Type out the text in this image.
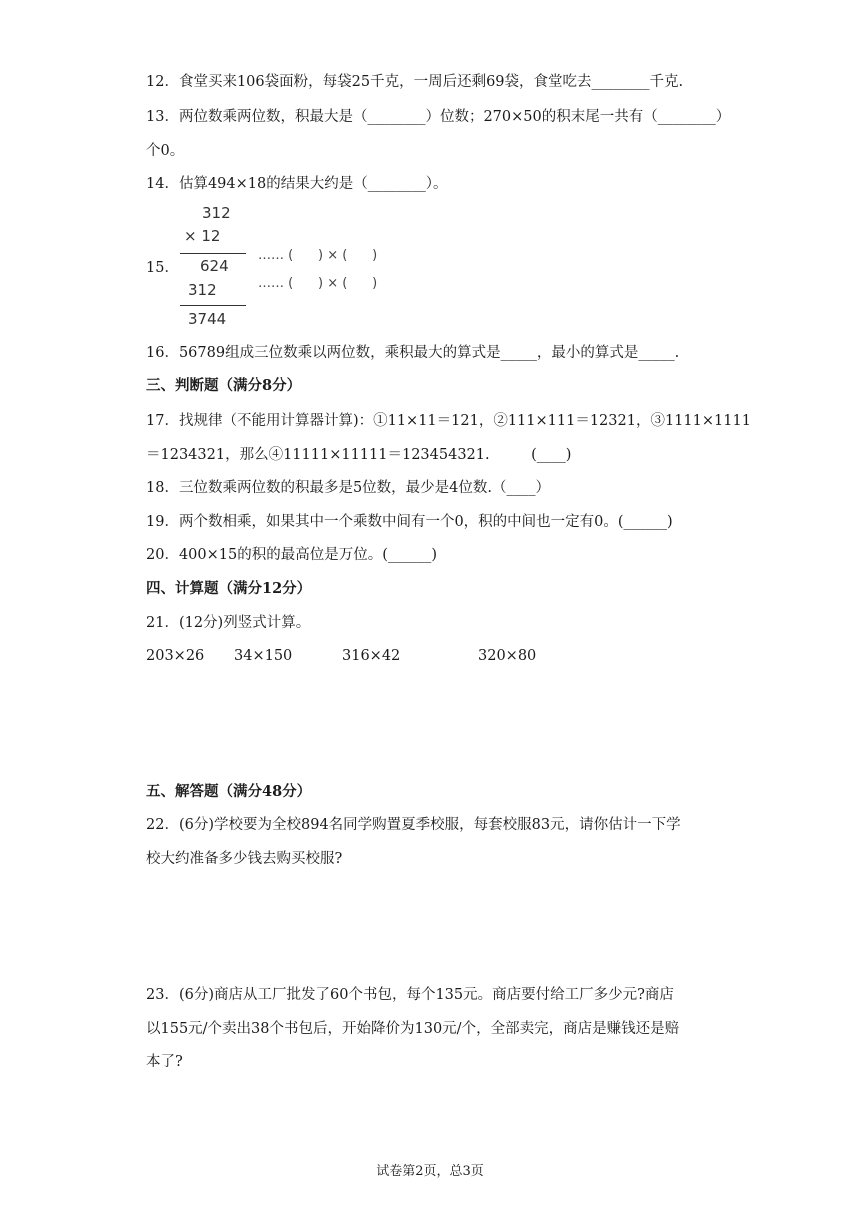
12．食堂买来106袋面粉，每袋25千克，一周后还剩69袋，食堂吃去________千克.
13．两位数乘两位数，积最大是（________）位数；270×50的积末尾一共有（________）
个0。
14．估算494×18的结果大约是（________）。
15．
312
× 12
624
312
3744
…… (      ) × (      )
…… (      ) × (      )
16．56789组成三位数乘以两位数，乘积最大的算式是_____，最小的算式是_____.
三、判断题（满分8分）
17．找规律（不能用计算器计算)：①11×11＝121，②111×111＝12321，③1111×1111
＝1234321，那么④11111×11111＝123454321.         (____)
18．三位数乘两位数的积最多是5位数，最少是4位数.（____）
19．两个数相乘，如果其中一个乘数中间有一个0，积的中间也一定有0。(______)
20．400×15的积的最高位是万位。(______)
四、计算题（满分12分）
21．(12分)列竖式计算。
203×26 34×150	316×42	320×80
五、解答题（满分48分）
22．(6分)学校要为全校894名同学购置夏季校服，每套校服83元，请你估计一下学
校大约准备多少钱去购买校服?
23．(6分)商店从工厂批发了60个书包，每个135元。商店要付给工厂多少元?商店
以155元/个卖出38个书包后，开始降价为130元/个，全部卖完，商店是赚钱还是赔
本了?
试卷第2页，总3页
